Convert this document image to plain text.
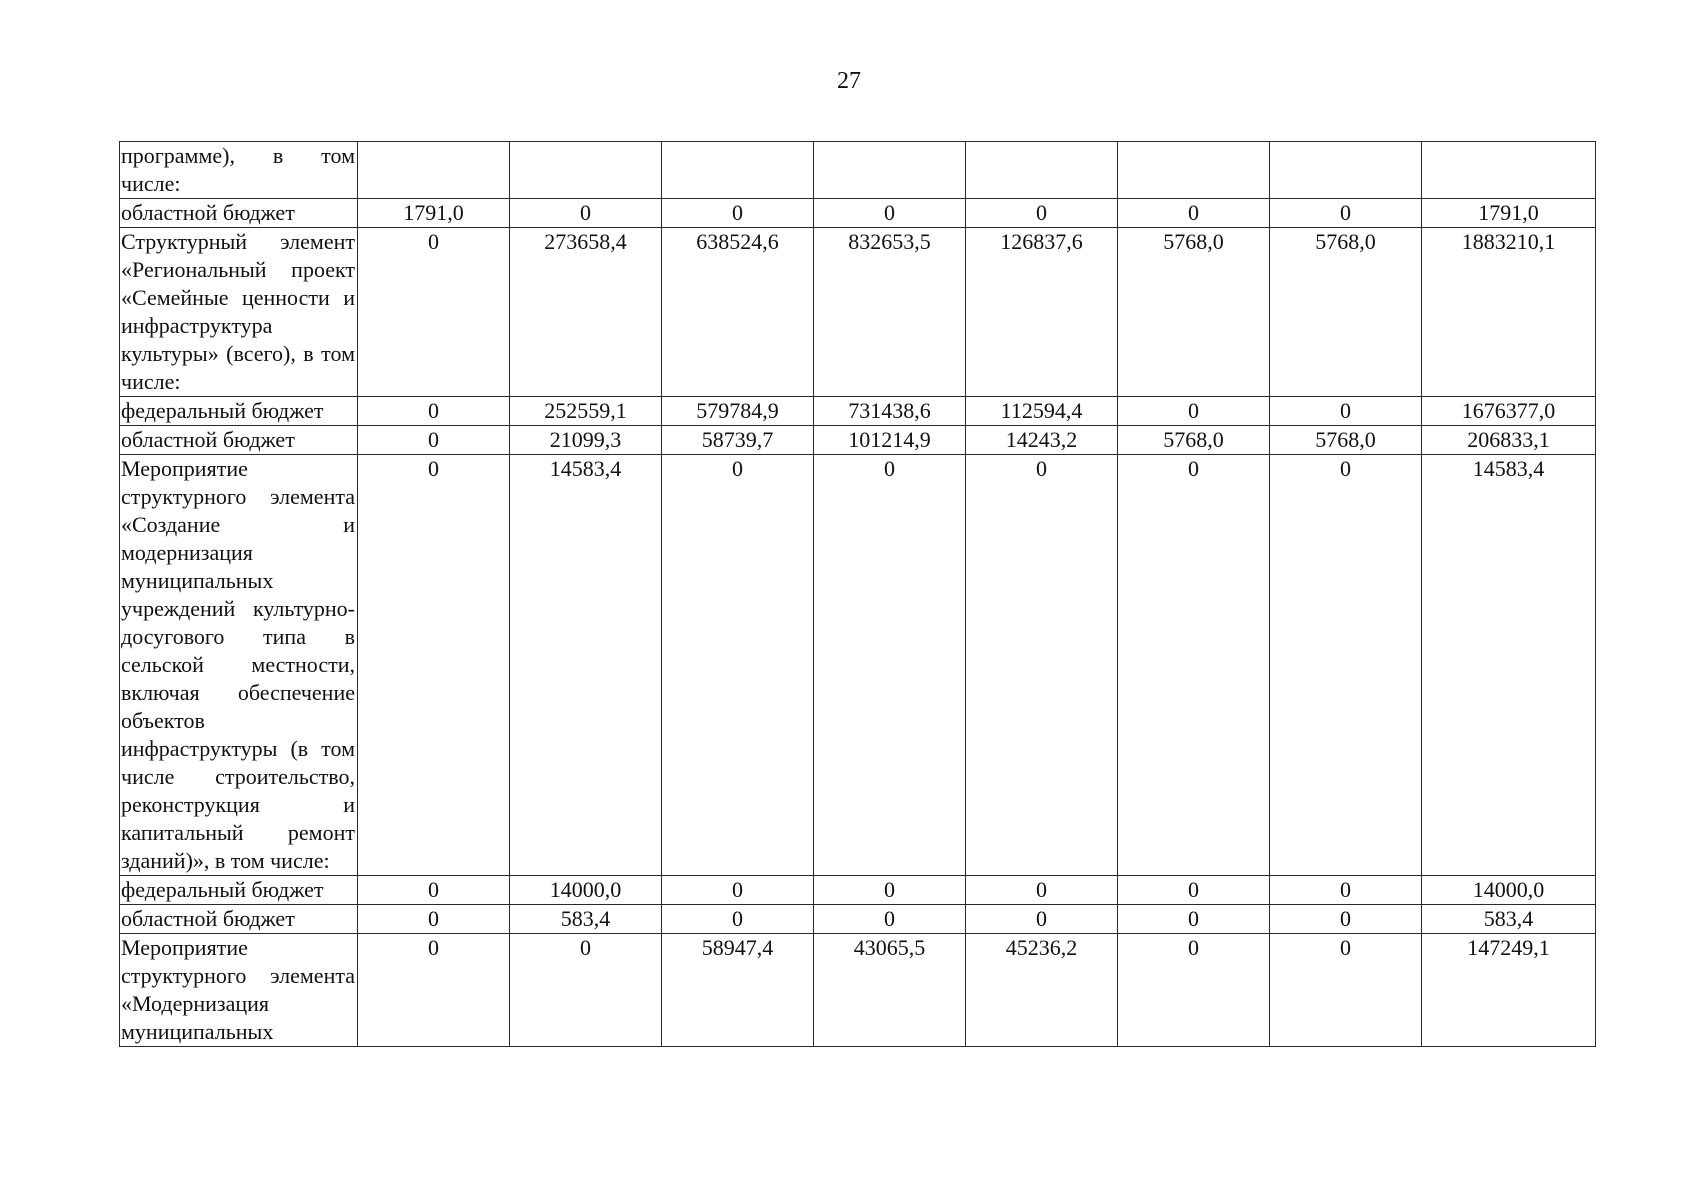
27
программе), в том числе:								
областной бюджет	1791,0	0	0	0	0	0	0	1791,0
Структурный элемент «Региональный проект «Семейные ценности и инфраструктура культуры» (всего), в том числе:	0	273658,4	638524,6	832653,5	126837,6	5768,0	5768,0	1883210,1
федеральный бюджет	0	252559,1	579784,9	731438,6	112594,4	0	0	1676377,0
областной бюджет	0	21099,3	58739,7	101214,9	14243,2	5768,0	5768,0	206833,1
Мероприятие структурного элемента «Создание и модернизация муниципальных учреждений культурно-досугового типа в сельской местности, включая обеспечение объектов инфраструктуры (в том числе строительство, реконструкция и капитальный ремонт зданий)», в том числе:	0	14583,4	0	0	0	0	0	14583,4
федеральный бюджет	0	14000,0	0	0	0	0	0	14000,0
областной бюджет	0	583,4	0	0	0	0	0	583,4
Мероприятие структурного элемента «Модернизация муниципальных	0	0	58947,4	43065,5	45236,2	0	0	147249,1
